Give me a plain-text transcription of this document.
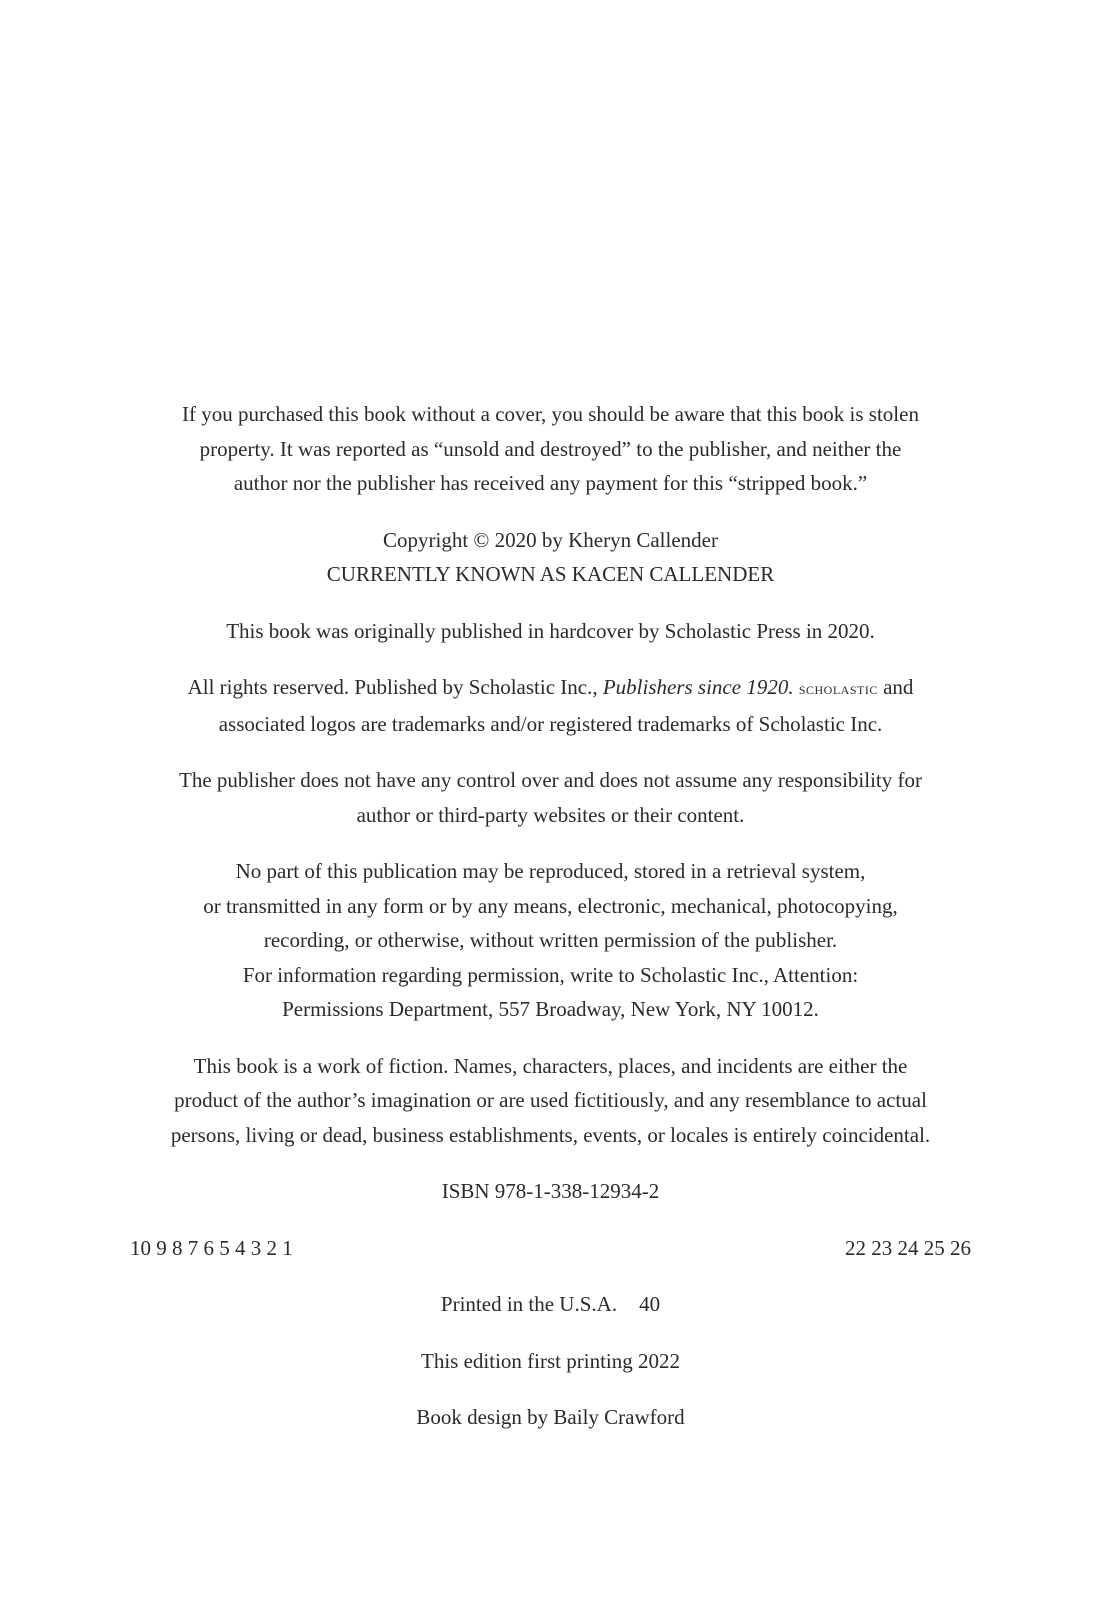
If you purchased this book without a cover, you should be aware that this book is stolen
property. It was reported as “unsold and destroyed” to the publisher, and neither the
author nor the publisher has received any payment for this “stripped book.”

Copyright © 2020 by Kheryn Callender
CURRENTLY KNOWN AS KACEN CALLENDER

This book was originally published in hardcover by Scholastic Press in 2020.

All rights reserved. Published by Scholastic Inc., Publishers since 1920. scholastic and
associated logos are trademarks and/or registered trademarks of Scholastic Inc.

The publisher does not have any control over and does not assume any responsibility for
author or third-party websites or their content.

No part of this publication may be reproduced, stored in a retrieval system,
or transmitted in any form or by any means, electronic, mechanical, photocopying,
recording, or otherwise, without written permission of the publisher.
For information regarding permission, write to Scholastic Inc., Attention:
Permissions Department, 557 Broadway, New York, NY 10012.

This book is a work of fiction. Names, characters, places, and incidents are either the
product of the author’s imagination or are used fictitiously, and any resemblance to actual
persons, living or dead, business establishments, events, or locales is entirely coincidental.

ISBN 978-1-338-12934-2

10 9 8 7 6 5 4 3 2 1	22 23 24 25 26

Printed in the U.S.A. 40

This edition first printing 2022

Book design by Baily Crawford
